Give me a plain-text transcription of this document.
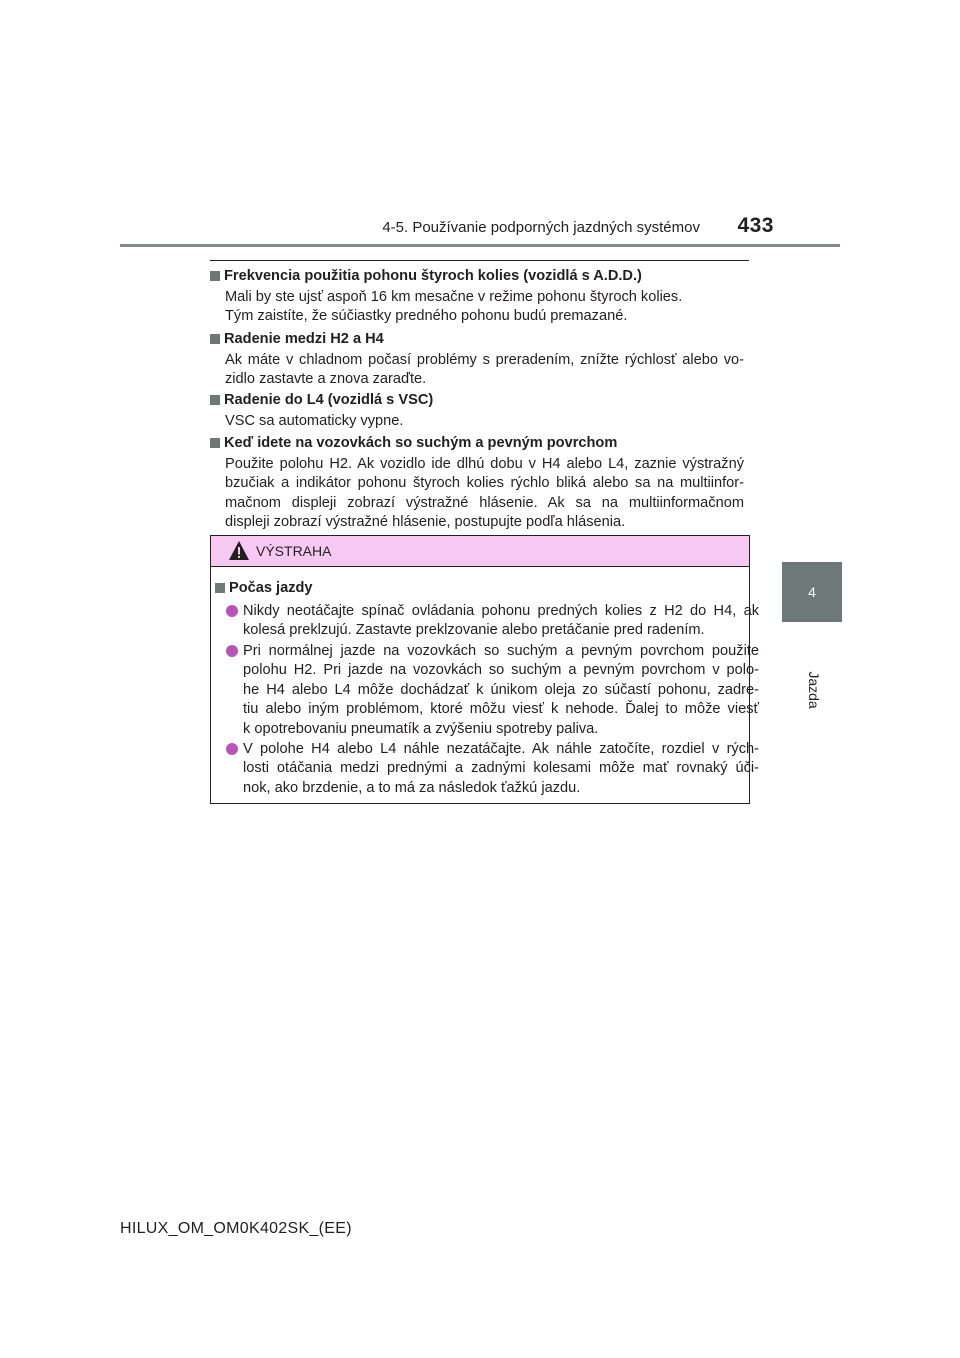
4-5. Používanie podporných jazdných systémov	433
4
Jazda
Frekvencia použitia pohonu štyroch kolies (vozidlá s A.D.D.)
Mali by ste ujsť aspoň 16 km mesačne v režime pohonu štyroch kolies.
Tým zaistíte, že súčiastky predného pohonu budú premazané.
Radenie medzi H2 a H4
Ak máte v chladnom počasí problémy s preradením, znížte rýchlosť alebo vo-
zidlo zastavte a znova zaraďte.
Radenie do L4 (vozidlá s VSC)
VSC sa automaticky vypne.
Keď idete na vozovkách so suchým a pevným povrchom
Použite polohu H2. Ak vozidlo ide dlhú dobu v H4 alebo L4, zaznie výstražný
bzučiak a indikátor pohonu štyroch kolies rýchlo bliká alebo sa na multiinfor-
mačnom displeji zobrazí výstražné hlásenie. Ak sa na multiinformačnom
displeji zobrazí výstražné hlásenie, postupujte podľa hlásenia.
VÝSTRAHA
Počas jazdy
Nikdy neotáčajte spínač ovládania pohonu predných kolies z H2 do H4, ak
kolesá preklzujú. Zastavte preklzovanie alebo pretáčanie pred radením.
Pri normálnej jazde na vozovkách so suchým a pevným povrchom použite
polohu H2. Pri jazde na vozovkách so suchým a pevným povrchom v polo-
he H4 alebo L4 môže dochádzať k únikom oleja zo súčastí pohonu, zadre-
tiu alebo iným problémom, ktoré môžu viesť k nehode. Ďalej to môže viesť
k opotrebovaniu pneumatík a zvýšeniu spotreby paliva.
V polohe H4 alebo L4 náhle nezatáčajte. Ak náhle zatočíte, rozdiel v rých-
losti otáčania medzi prednými a zadnými kolesami môže mať rovnaký úči-
nok, ako brzdenie, a to má za následok ťažkú jazdu.
HILUX_OM_OM0K402SK_(EE)
